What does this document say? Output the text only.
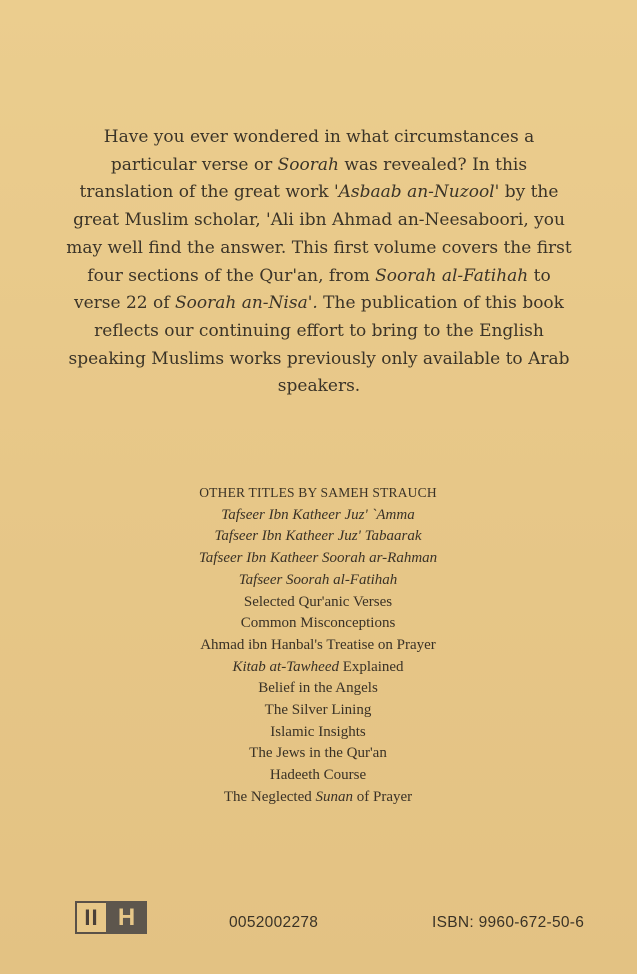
Have you ever wondered in what circumstances a particular verse or Soorah was revealed? In this translation of the great work 'Asbaab an-Nuzool' by the great Muslim scholar, 'Ali ibn Ahmad an-Neesaboori, you may well find the answer. This first volume covers the first four sections of the Qur'an, from Soorah al-Fatihah to verse 22 of Soorah an-Nisa'. The publication of this book reflects our continuing effort to bring to the English speaking Muslims works previously only available to Arab speakers.

OTHER TITLES BY SAMEH STRAUCH
Tafseer Ibn Katheer Juz' `Amma
Tafseer Ibn Katheer Juz' Tabaarak
Tafseer Ibn Katheer Soorah ar-Rahman
Tafseer Soorah al-Fatihah
Selected Qur'anic Verses
Common Misconceptions
Ahmad ibn Hanbal's Treatise on Prayer
Kitab at-Tawheed Explained
Belief in the Angels
The Silver Lining
Islamic Insights
The Jews in the Qur'an
Hadeeth Course
The Neglected Sunan of Prayer
II H	0052002278	ISBN: 9960-672-50-6
